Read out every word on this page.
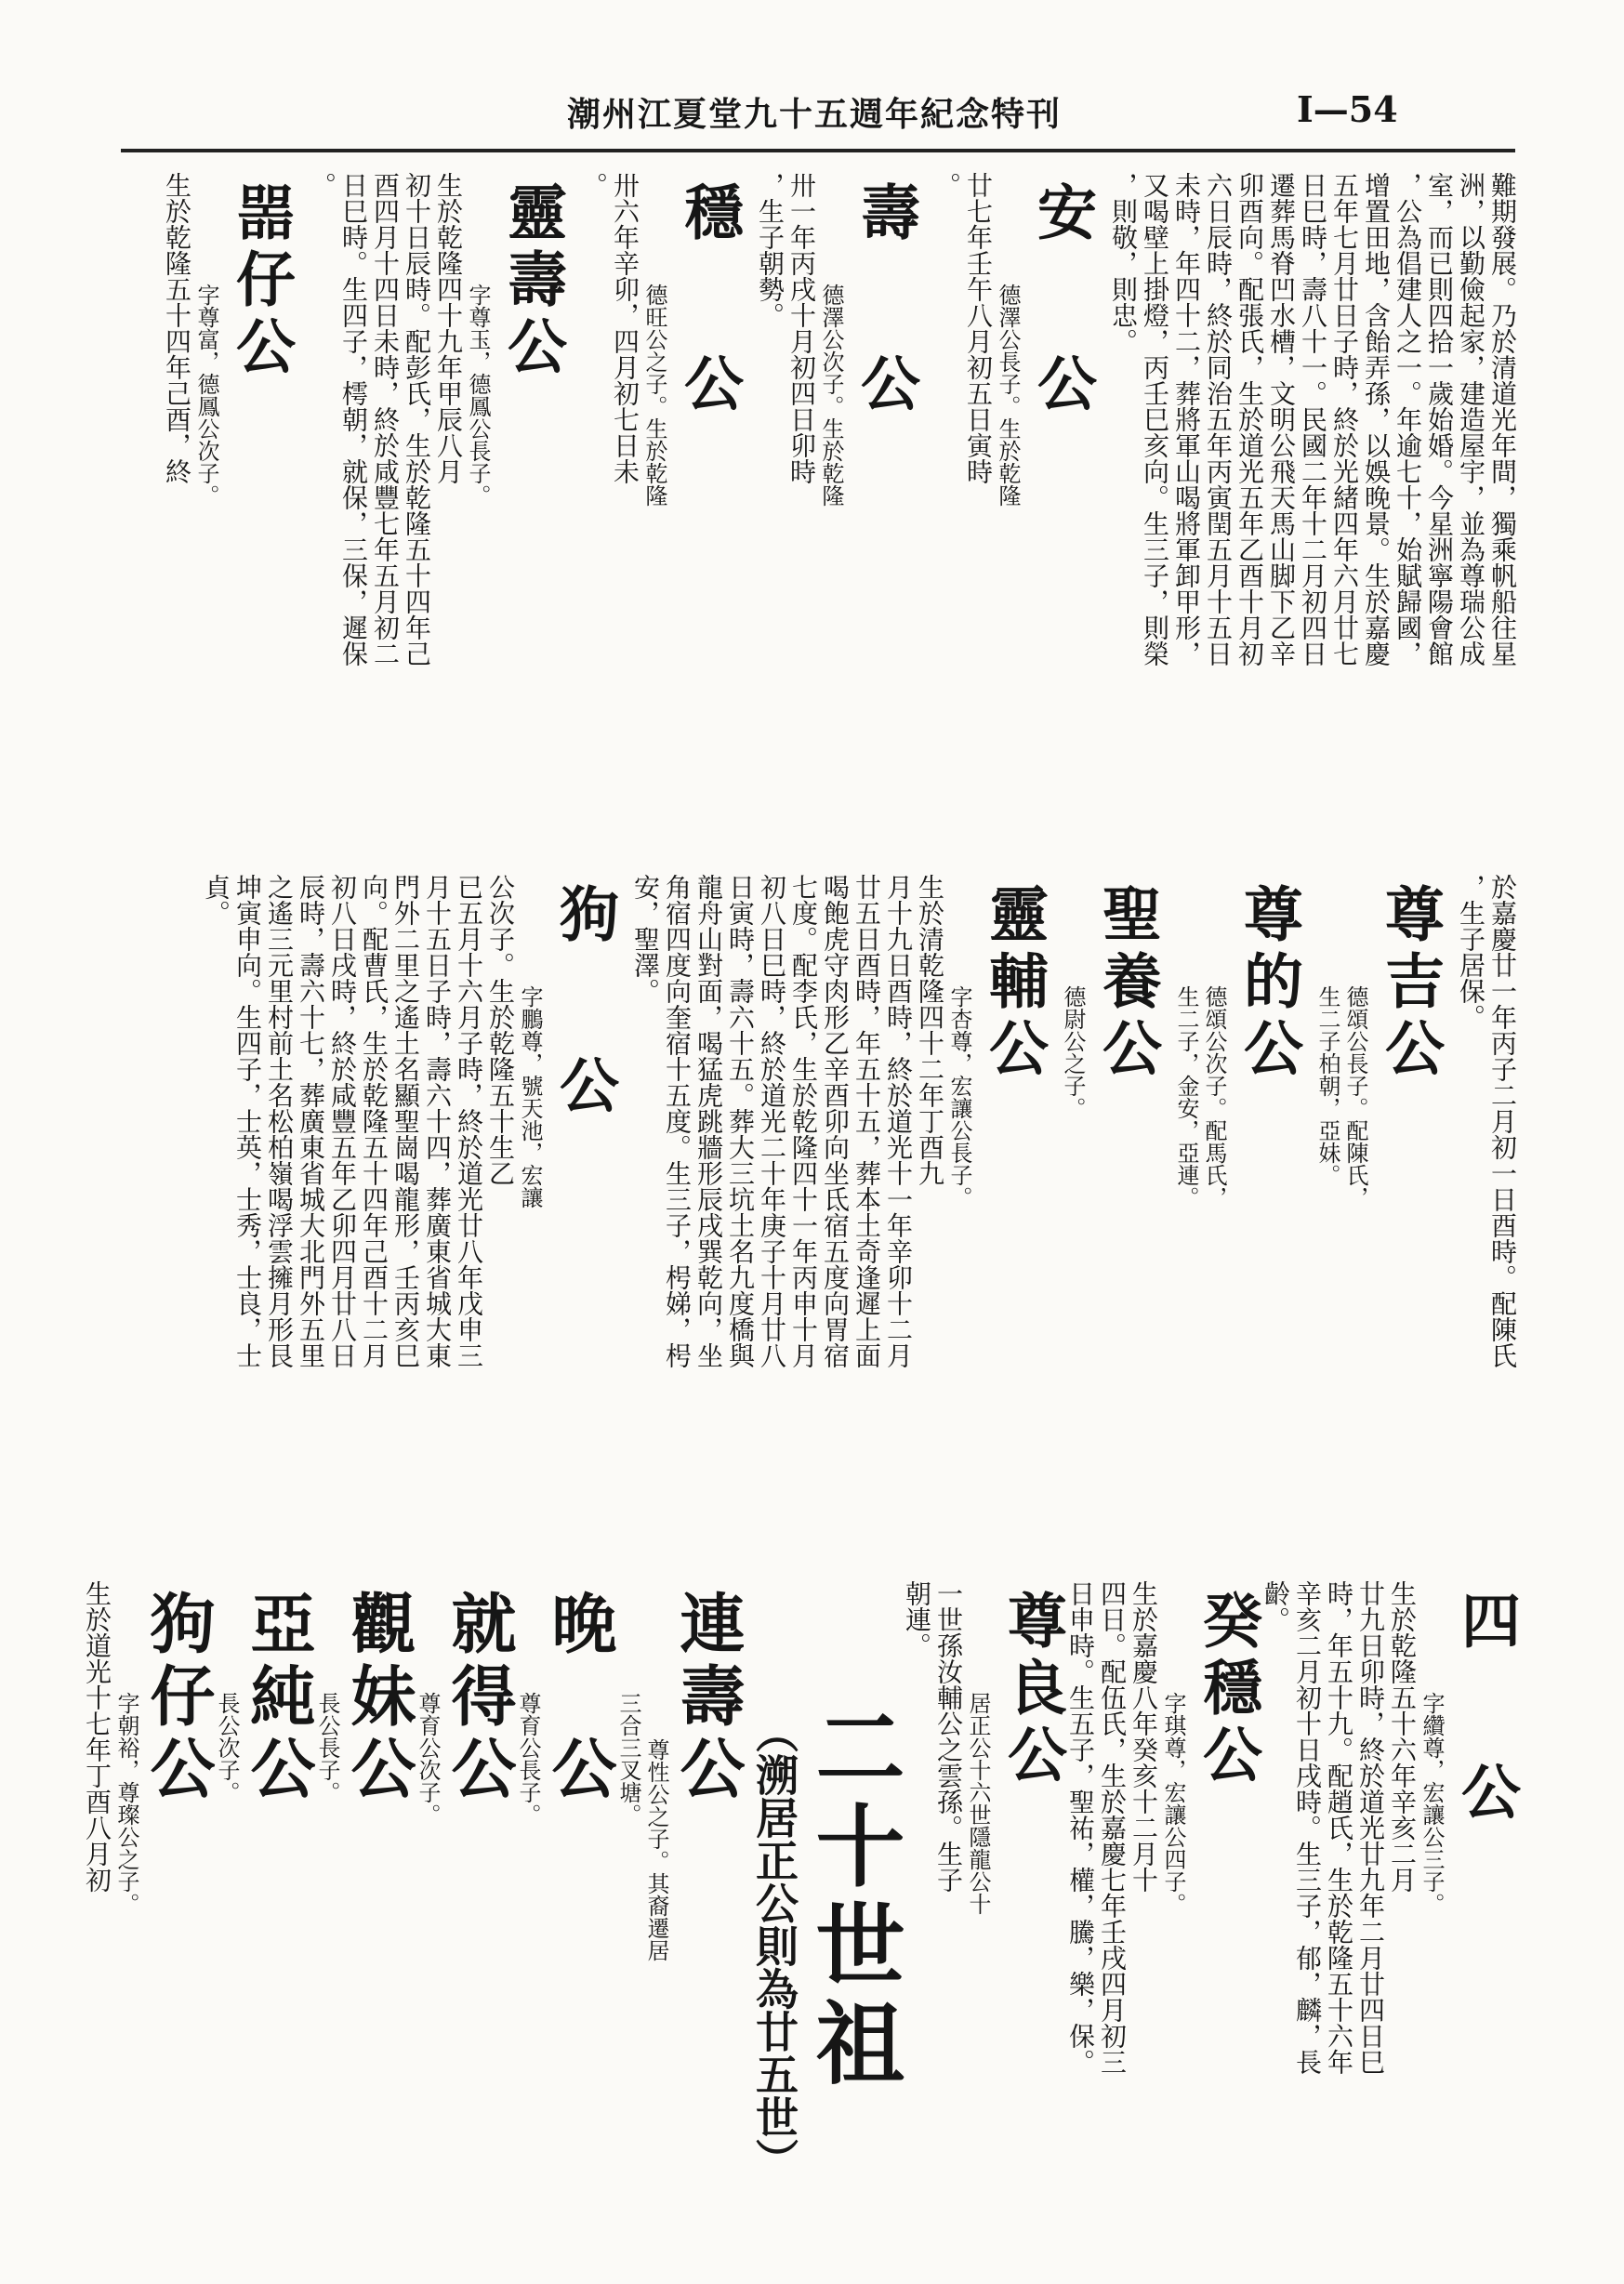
潮州江夏堂九十五週年紀念特刊	I—54
難期發展。乃於清道光年間，獨乘帆船往星
洲，以勤儉起家，建造屋宇，並為尊瑞公成
室，而已則四拾一歲始婚。今星洲寧陽會館
，公為倡建人之一。年逾七十，始賦歸國，
增置田地，含飴弄孫，以娛晚景。生於嘉慶
五年七月廿日子時，終於光緒四年六月廿七
日巳時，壽八十一。民國二年十二月初四日
遷葬馬脊凹水槽，文明公飛天馬山脚下乙辛
卯酉向。配張氏，生於道光五年乙酉十月初
六日辰時，終於同治五年丙寅閏五月十五日
未時，年四十二，葬將軍山喝將軍卸甲形，
又喝壁上掛燈，丙壬巳亥向。生三子，則榮
，則敬，則忠。
安　公
德澤公長子。生於乾隆
廿七年壬午八月初五日寅時
。
壽　公
德澤公次子。生於乾隆
卅一年丙戌十月初四日卯時
，生子朝勢。
穩　公
德旺公之子。生於乾隆
卅六年辛卯，四月初七日未
。
靈壽公
字尊玉，德鳳公長子。
生於乾隆四十九年甲辰八月
初十日辰時。配彭氏，生於乾隆五十四年己
酉四月十四日未時，終於咸豐七年五月初二
日巳時。生四子，樗朝，就保，三保，遲保
。
噐仔公
字尊富，德鳳公次子。
生於乾隆五十四年己酉，終
於嘉慶廿一年丙子二月初一日酉時。配陳氏
，生子居保。
尊吉公
德頌公長子。配陳氏，
生二子柏朝，亞妹。
尊的公
德頌公次子。配馬氏，
生二子，金安，亞連。
聖養公
德尉公之子。
靈輔公
字杏尊，宏讓公長子。
生於清乾隆四十二年丁酉九
月十九日酉時，終於道光十一年辛卯十二月
廿五日酉時，年五十五，葬本土奇逢遲上面
喝飽虎守肉形乙辛酉卯向坐氐宿五度向胃宿
七度。配李氏，生於乾隆四十一年丙申十月
初八日巳時，終於道光二十年庚子十月廿八
日寅時，壽六十五。葬大三坑土名九度橋與
龍舟山對面，喝猛虎跳牆形辰戌巽乾向，坐
角宿四度向奎宿十五度。生三子，枵娣，枵
安，聖澤。
狗　公
字鵬尊，號天池，宏讓
公次子。生於乾隆五十生乙
已五月十六月子時，終於道光廿八年戊申三
月十五日子時，壽六十四，葬廣東省城大東
門外二里之遙土名顯聖崗喝龍形，壬丙亥巳
向。配曹氏，生於乾隆五十四年己酉十二月
初八日戌時，終於咸豐五年乙卯四月廿八日
辰時，壽六十七，葬廣東省城大北門外五里
之遙三元里村前土名松柏嶺喝浮雲擁月形艮
坤寅申向。生四子，士英，士秀，士良，士
貞。
四　公
字纘尊，宏讓公三子。
生於乾隆五十六年辛亥二月
廿九日卯時，終於道光廿九年二月廿四日巳
時，年五十九。配趙氏，生於乾隆五十六年
辛亥二月初十日戌時。生三子，郁，麟，長
齡。
癸穩公
字琪尊，宏讓公四子。
生於嘉慶八年癸亥十二月十
四日。配伍氏，生於嘉慶七年壬戌四月初三
日申時。生五子，聖祐，權，騰，樂，保。
尊良公
居正公十六世隱龍公十
一世孫汝輔公之雲孫。生子
朝連。
二十世祖
（溯居正公則為廿五世）
連壽公
尊性公之子。其裔遷居
三合三叉塘。
晚　公
尊育公長子。
就得公
尊育公次子。
觀妹公
長公長子。
亞純公
長公次子。
狗仔公
字朝裕，尊璨公之子。
生於道光十七年丁酉八月初
